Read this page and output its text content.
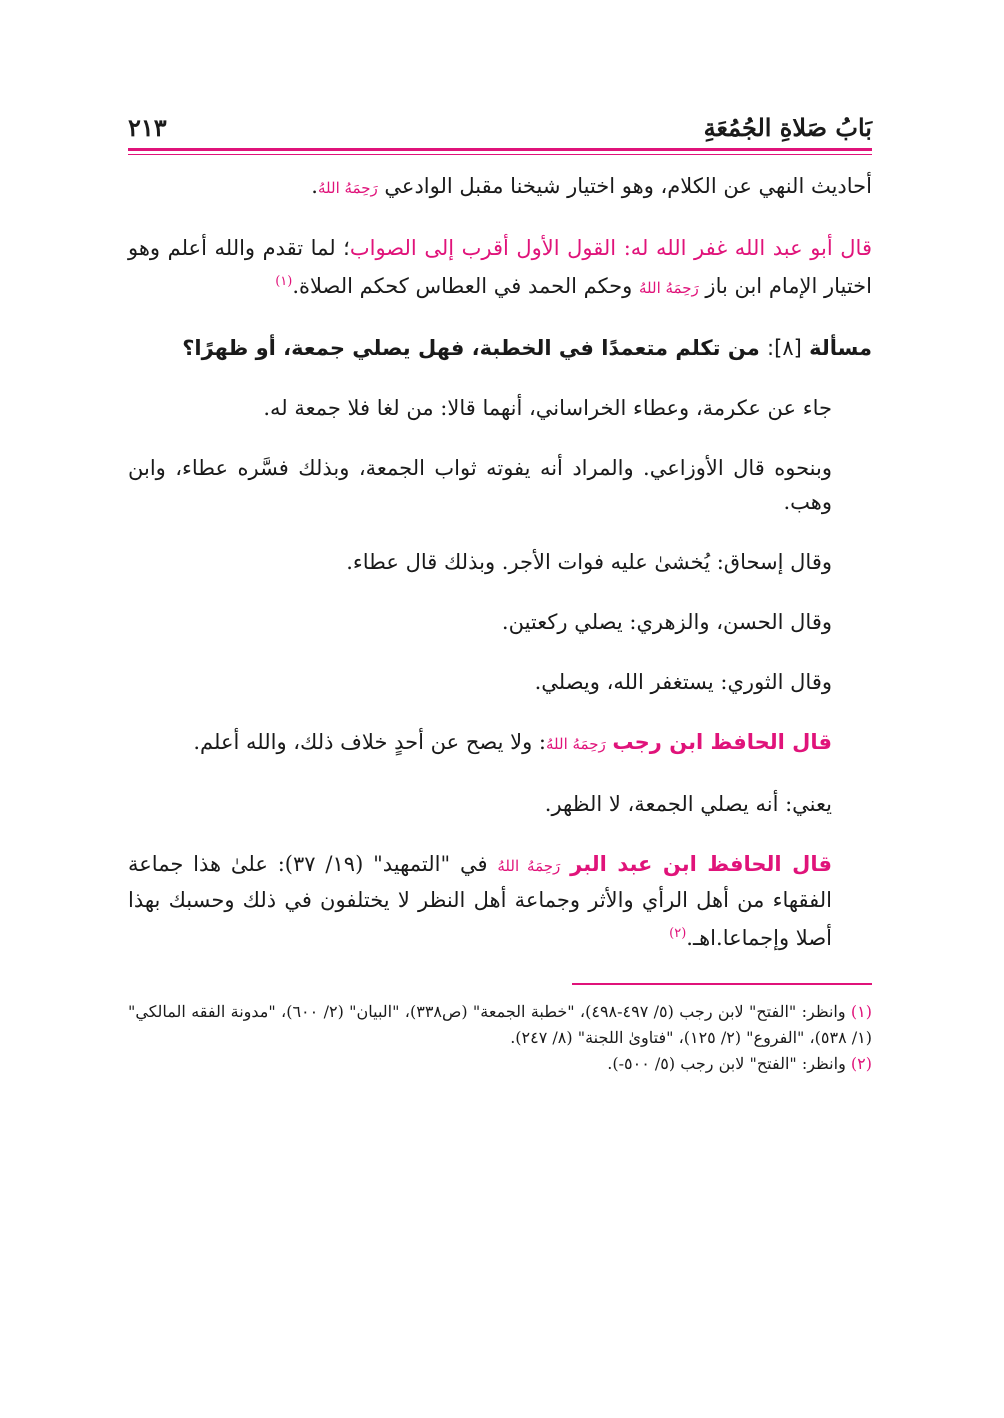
بَابُ صَلاةِ الجُمُعَةِ
٢١٣

أحاديث النهي عن الكلام، وهو اختيار شيخنا مقبل الوادعي رَحِمَهُ اللهُ.

قال أبو عبد الله غفر الله له: القول الأول أقرب إلى الصواب؛ لما تقدم والله أعلم وهو اختيار الإمام ابن باز رَحِمَهُ اللهُ وحكم الحمد في العطاس كحكم الصلاة.$^{(١)}$

مسألة [٨]: من تكلم متعمدًا في الخطبة، فهل يصلي جمعة، أو ظهرًا؟

جاء عن عكرمة، وعطاء الخراساني، أنهما قالا: من لغا فلا جمعة له.

وبنحوه قال الأوزاعي. والمراد أنه يفوته ثواب الجمعة، وبذلك فسَّره عطاء، وابن وهب.

وقال إسحاق: يُخشىٰ عليه فوات الأجر. وبذلك قال عطاء.

وقال الحسن، والزهري: يصلي ركعتين.

وقال الثوري: يستغفر الله، ويصلي.

قال الحافظ ابن رجب رَحِمَهُ اللهُ: ولا يصح عن أحدٍ خلاف ذلك، والله أعلم.

يعني: أنه يصلي الجمعة، لا الظهر.

قال الحافظ ابن عبد البر رَحِمَهُ اللهُ في "التمهيد" (١٩/ ٣٧): علىٰ هذا جماعة الفقهاء من أهل الرأي والأثر وجماعة أهل النظر لا يختلفون في ذلك وحسبك بهذا أصلا وإجماعا.اهـ.$^{(٢)}$

(١) وانظر: "الفتح" لابن رجب (٥/ ٤٩٧-٤٩٨)، "خطبة الجمعة" (ص٣٣٨)، "البيان" (٢/ ٦٠٠)، "مدونة الفقه المالكي" (١/ ٥٣٨)، "الفروع" (٢/ ١٢٥)، "فتاوىٰ اللجنة" (٨/ ٢٤٧).

(٢) وانظر: "الفتح" لابن رجب (٥/ ٥٠٠-).
